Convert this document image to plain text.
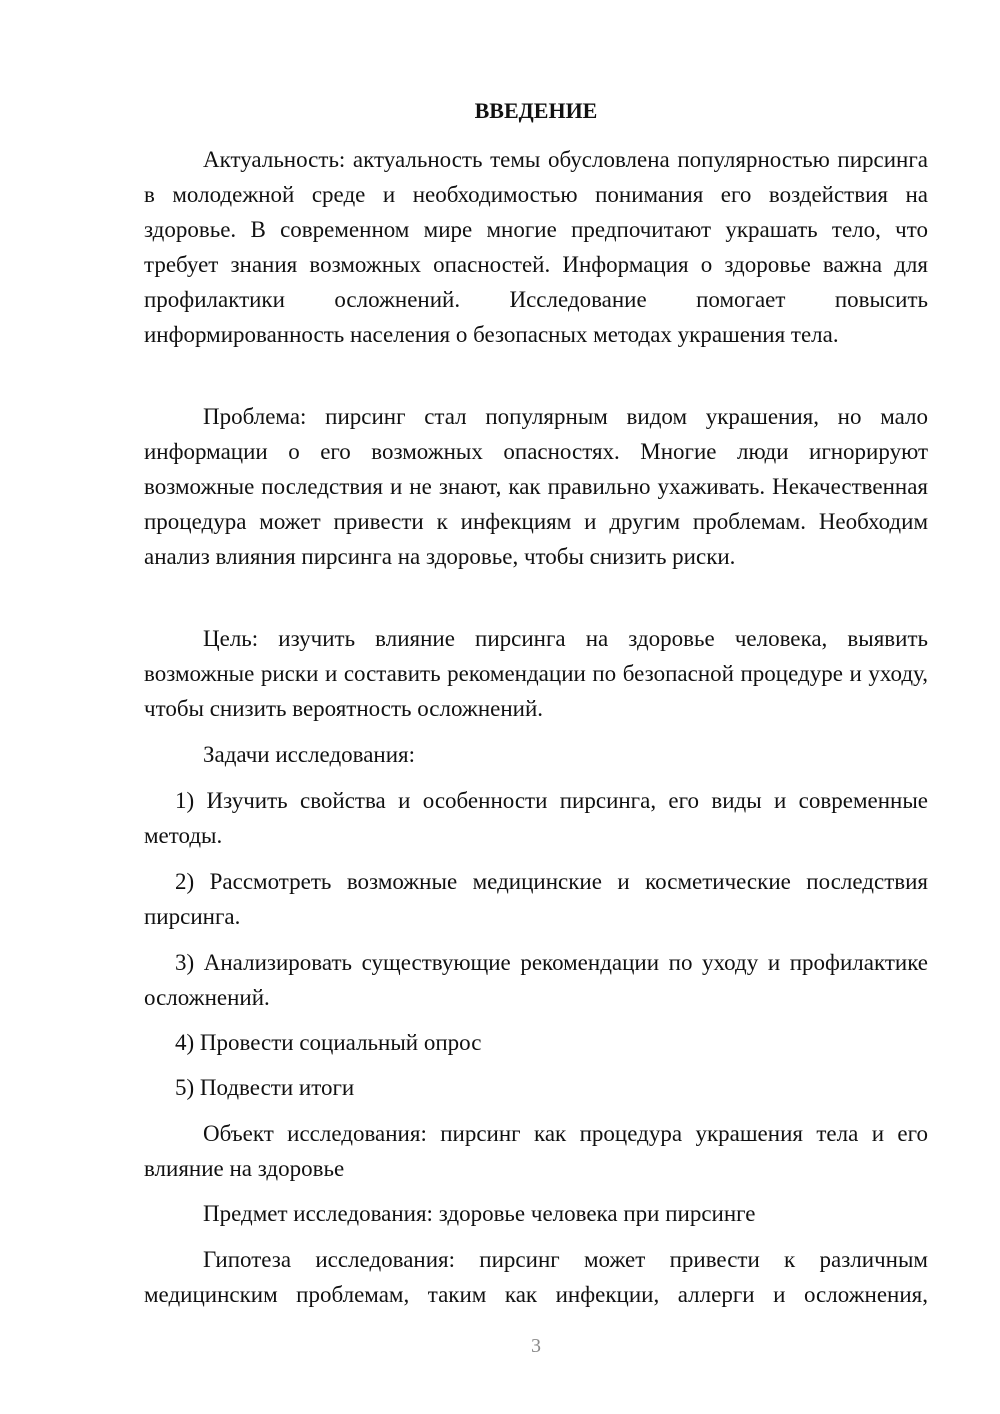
ВВЕДЕНИЕ

Актуальность: актуальность темы обусловлена популярностью пирсинга в молодежной среде и необходимостью понимания его воздействия на здоровье. В современном мире многие предпочитают украшать тело, что требует знания возможных опасностей. Информация о здоровье важна для профилактики осложнений. Исследование помогает повысить информированность населения о безопасных методах украшения тела.

Проблема: пирсинг стал популярным видом украшения, но мало информации о его возможных опасностях. Многие люди игнорируют возможные последствия и не знают, как правильно ухаживать. Некачественная процедура может привести к инфекциям и другим проблемам. Необходим анализ влияния пирсинга на здоровье, чтобы снизить риски.

Цель: изучить влияние пирсинга на здоровье человека, выявить возможные риски и составить рекомендации по безопасной процедуре и уходу, чтобы снизить вероятность осложнений.

Задачи исследования:

1) Изучить свойства и особенности пирсинга, его виды и современные методы.

2) Рассмотреть возможные медицинские и косметические последствия пирсинга.

3) Анализировать существующие рекомендации по уходу и профилактике осложнений.

4) Провести социальный опрос

5) Подвести итоги

Объект исследования: пирсинг как процедура украшения тела и его влияние на здоровье

Предмет исследования: здоровье человека при пирсинге

Гипотеза исследования: пирсинг может привести к различным медицинским проблемам, таким как инфекции, аллерги и осложнения,

3
